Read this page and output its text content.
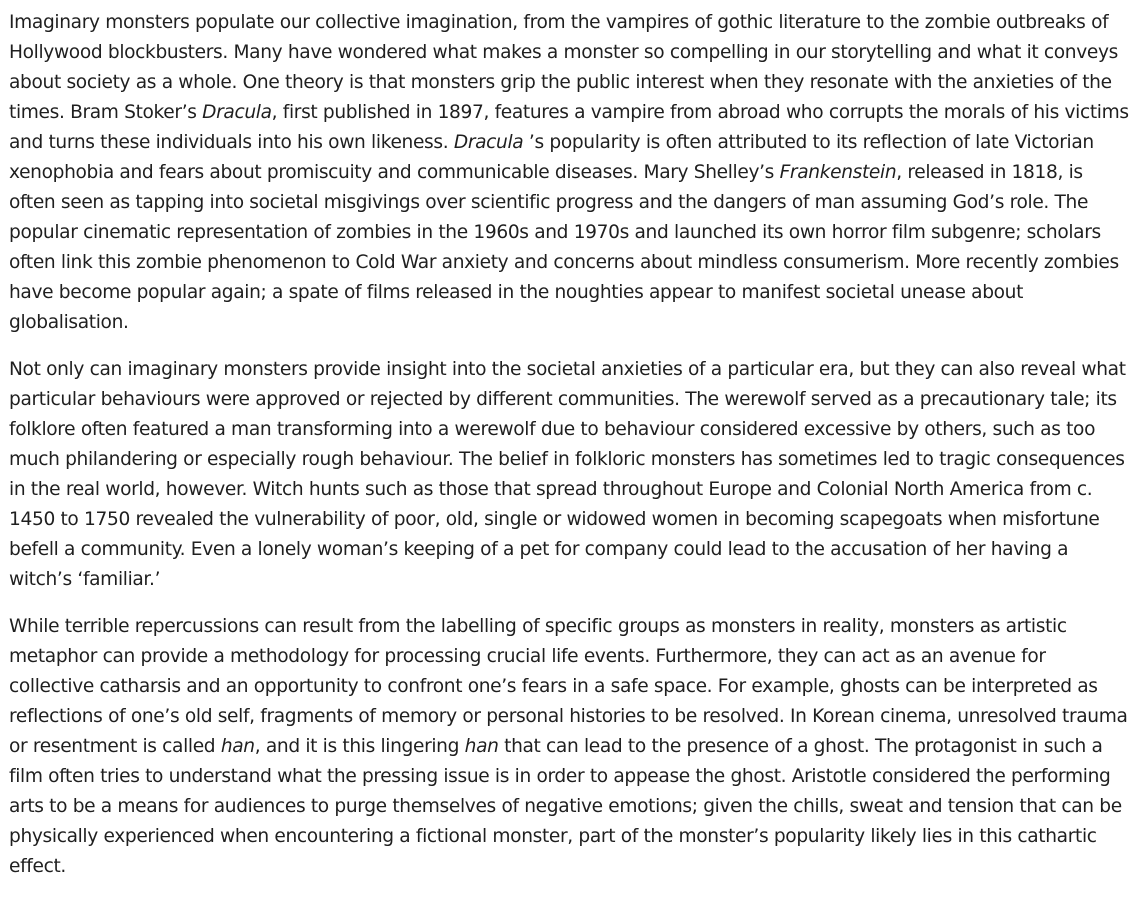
Imaginary monsters populate our collective imagination, from the vampires of gothic literature to the zombie outbreaks of Hollywood blockbusters. Many have wondered what makes a monster so compelling in our storytelling and what it conveys about society as a whole. One theory is that monsters grip the public interest when they resonate with the anxieties of the times. Bram Stoker’s Dracula, first published in 1897, features a vampire from abroad who corrupts the morals of his victims and turns these individuals into his own likeness. Dracula ’s popularity is often attributed to its reflection of late Victorian xenophobia and fears about promiscuity and communicable diseases. Mary Shelley’s Frankenstein, released in 1818, is often seen as tapping into societal misgivings over scientific progress and the dangers of man assuming God’s role. The popular cinematic representation of zombies in the 1960s and 1970s and launched its own horror film subgenre; scholars often link this zombie phenomenon to Cold War anxiety and concerns about mindless consumerism. More recently zombies have become popular again; a spate of films released in the noughties appear to manifest societal unease about globalisation.

Not only can imaginary monsters provide insight into the societal anxieties of a particular era, but they can also reveal what particular behaviours were approved or rejected by different communities. The werewolf served as a precautionary tale; its folklore often featured a man transforming into a werewolf due to behaviour considered excessive by others, such as too much philandering or especially rough behaviour. The belief in folkloric monsters has sometimes led to tragic consequences in the real world, however. Witch hunts such as those that spread throughout Europe and Colonial North America from c. 1450 to 1750 revealed the vulnerability of poor, old, single or widowed women in becoming scapegoats when misfortune befell a community. Even a lonely woman’s keeping of a pet for company could lead to the accusation of her having a witch’s ‘familiar.’

While terrible repercussions can result from the labelling of specific groups as monsters in reality, monsters as artistic metaphor can provide a methodology for processing crucial life events. Furthermore, they can act as an avenue for collective catharsis and an opportunity to confront one’s fears in a safe space. For example, ghosts can be interpreted as reflections of one’s old self, fragments of memory or personal histories to be resolved. In Korean cinema, unresolved trauma or resentment is called han, and it is this lingering han that can lead to the presence of a ghost. The protagonist in such a film often tries to understand what the pressing issue is in order to appease the ghost. Aristotle considered the performing arts to be a means for audiences to purge themselves of negative emotions; given the chills, sweat and tension that can be physically experienced when encountering a fictional monster, part of the monster’s popularity likely lies in this cathartic effect.
